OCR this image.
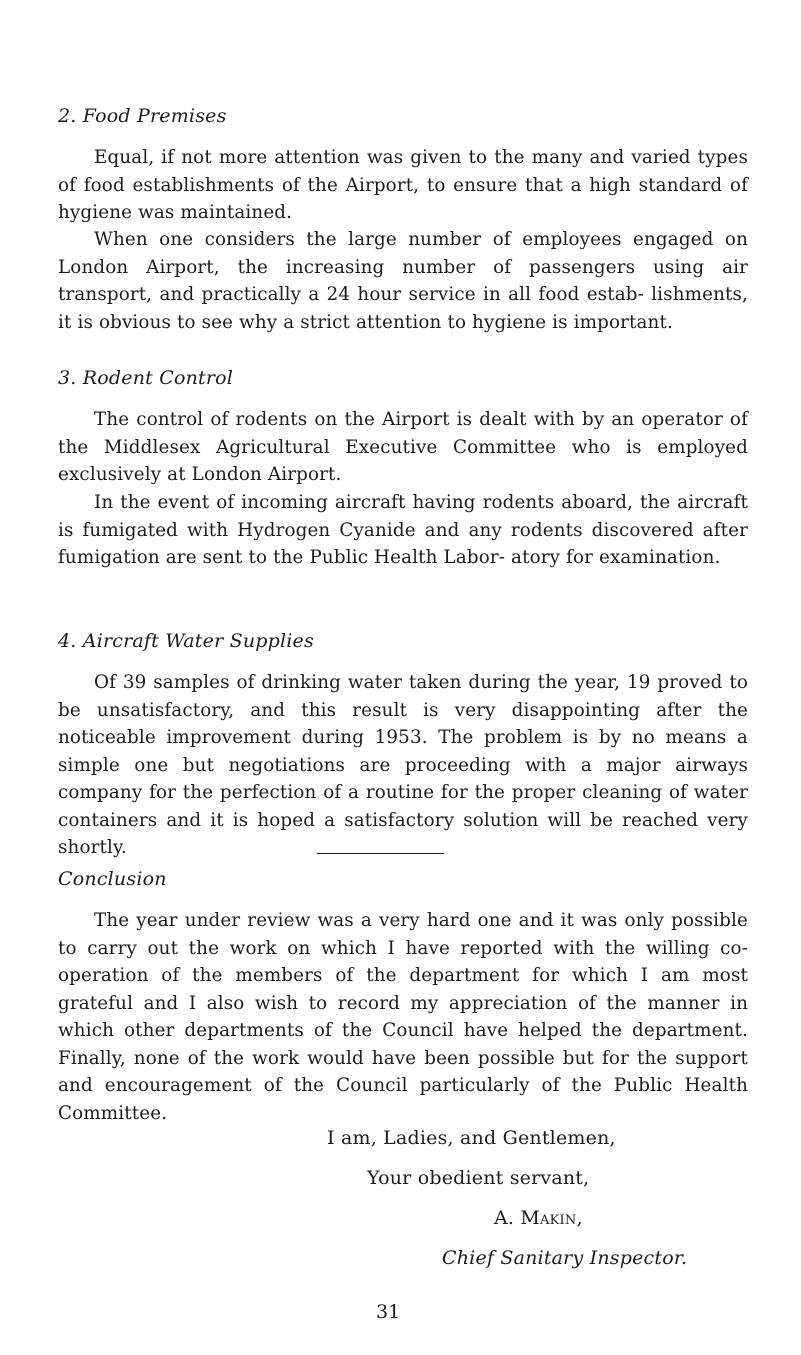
2. Food Premises

Equal, if not more attention was given to the many and varied types of food establishments of the Airport, to ensure that a high standard of hygiene was maintained.

When one considers the large number of employees engaged on London Airport, the increasing number of passengers using air transport, and practically a 24 hour service in all food estab- lishments, it is obvious to see why a strict attention to hygiene is important.

3. Rodent Control

The control of rodents on the Airport is dealt with by an operator of the Middlesex Agricultural Executive Committee who is employed exclusively at London Airport.

In the event of incoming aircraft having rodents aboard, the aircraft is fumigated with Hydrogen Cyanide and any rodents discovered after fumigation are sent to the Public Health Labor- atory for examination.

4. Aircraft Water Supplies

Of 39 samples of drinking water taken during the year, 19 proved to be unsatisfactory, and this result is very disappointing after the noticeable improvement during 1953. The problem is by no means a simple one but negotiations are proceeding with a major airways company for the perfection of a routine for the proper cleaning of water containers and it is hoped a satisfactory solution will be reached very shortly.

Conclusion

The year under review was a very hard one and it was only possible to carry out the work on which I have reported with the willing co-operation of the members of the department for which I am most grateful and I also wish to record my appreciation of the manner in which other departments of the Council have helped the department. Finally, none of the work would have been possible but for the support and encouragement of the Council particularly of the Public Health Committee.

I am, Ladies, and Gentlemen,
Your obedient servant,
A. Makin,
Chief Sanitary Inspector.
31
